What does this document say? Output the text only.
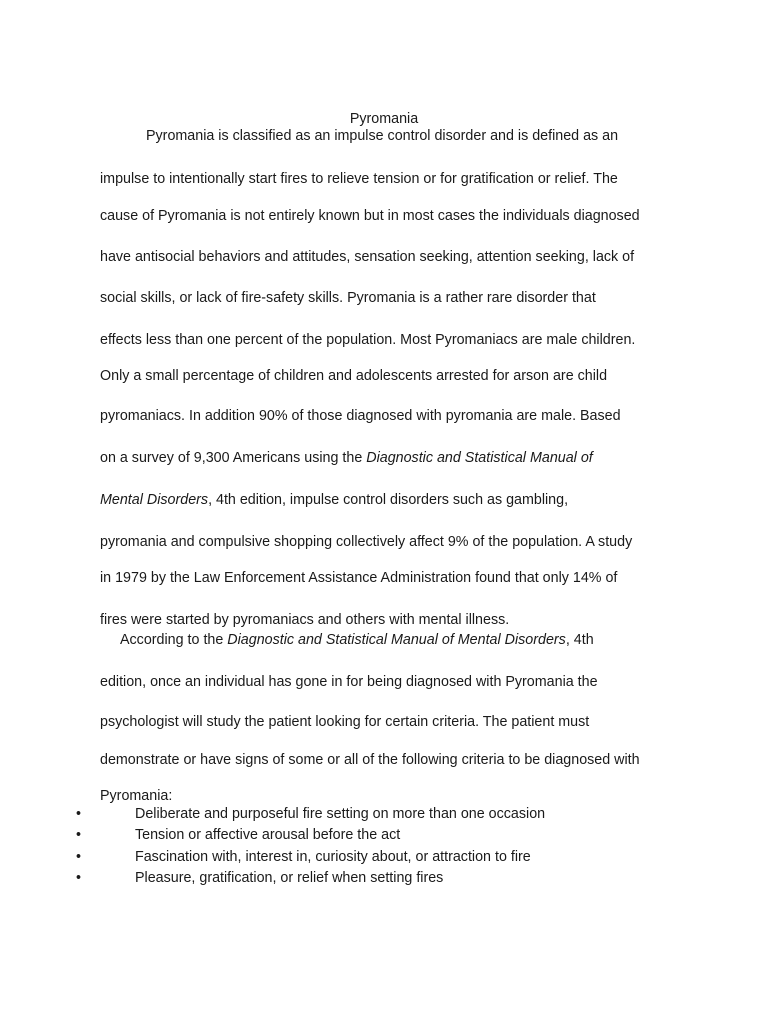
Pyromania
Pyromania is classified as an impulse control disorder and is defined as an
impulse to intentionally start fires to relieve tension or for gratification or relief. The
cause of Pyromania is not entirely known but in most cases the individuals diagnosed
have antisocial behaviors and attitudes, sensation seeking, attention seeking, lack of
social skills, or lack of fire-safety skills. Pyromania is a rather rare disorder that
effects less than one percent of the population. Most Pyromaniacs are male children.
Only a small percentage of children and adolescents arrested for arson are child
pyromaniacs. In addition 90% of those diagnosed with pyromania are male. Based
on a survey of 9,300 Americans using the Diagnostic and Statistical Manual of
Mental Disorders, 4th edition, impulse control disorders such as gambling,
pyromania and compulsive shopping collectively affect 9% of the population. A study
in 1979 by the Law Enforcement Assistance Administration found that only 14% of
fires were started by pyromaniacs and others with mental illness.
According to the Diagnostic and Statistical Manual of Mental Disorders, 4th
edition, once an individual has gone in for being diagnosed with Pyromania the
psychologist will study the patient looking for certain criteria. The patient must
demonstrate or have signs of some or all of the following criteria to be diagnosed with
Pyromania:
•	Deliberate and purposeful fire setting on more than one occasion
•	Tension or affective arousal before the act
•	Fascination with, interest in, curiosity about, or attraction to fire
•	Pleasure, gratification, or relief when setting fires
